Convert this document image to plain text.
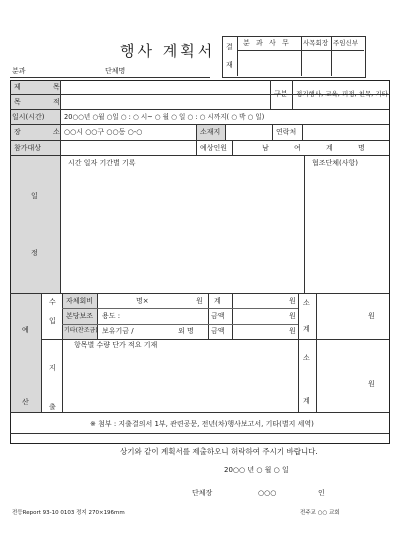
행사 계획서 결
재
분 과 사 무 사목회장 주임신부
분과	단체명
제 목
목 적
구분 정기행사, 교육, 피정, 친목, 기타
일시(시간)	20○○년 ○월 ○일 ○ : ○ 시~ ○ 월 ○ 일 ○ : ○ 시까지( ○ 박 ○ 일)
장 소 ○○시 ○○구 ○○동 ○-○	소재지	연락처
참가대상	예상인원	남	여	계	명
일
정
시간 일자 기간별 기록	협조단체(사항)
예
산
수
입
자체회비	명×	원 계	원
본당보조 용도 :	금액	원
기타(찬조금) 보유기금 /	외 명 금액	원
소
계
원
지
출
항목별 수량 단가 적요 기재
소
계
원
※ 첨부 : 지출결의서 1부, 관련공문, 전년(차)행사보고서, 기타(별지 세역)
상기와 같이 계획서를 제출하오니 허락하여 주시기 바랍니다.
20○○ 년 ○ 월 ○ 일
단체장	○○○	인
전등Report 93-10 0103 정지 270×196mm	전주교 ○○ 교회
